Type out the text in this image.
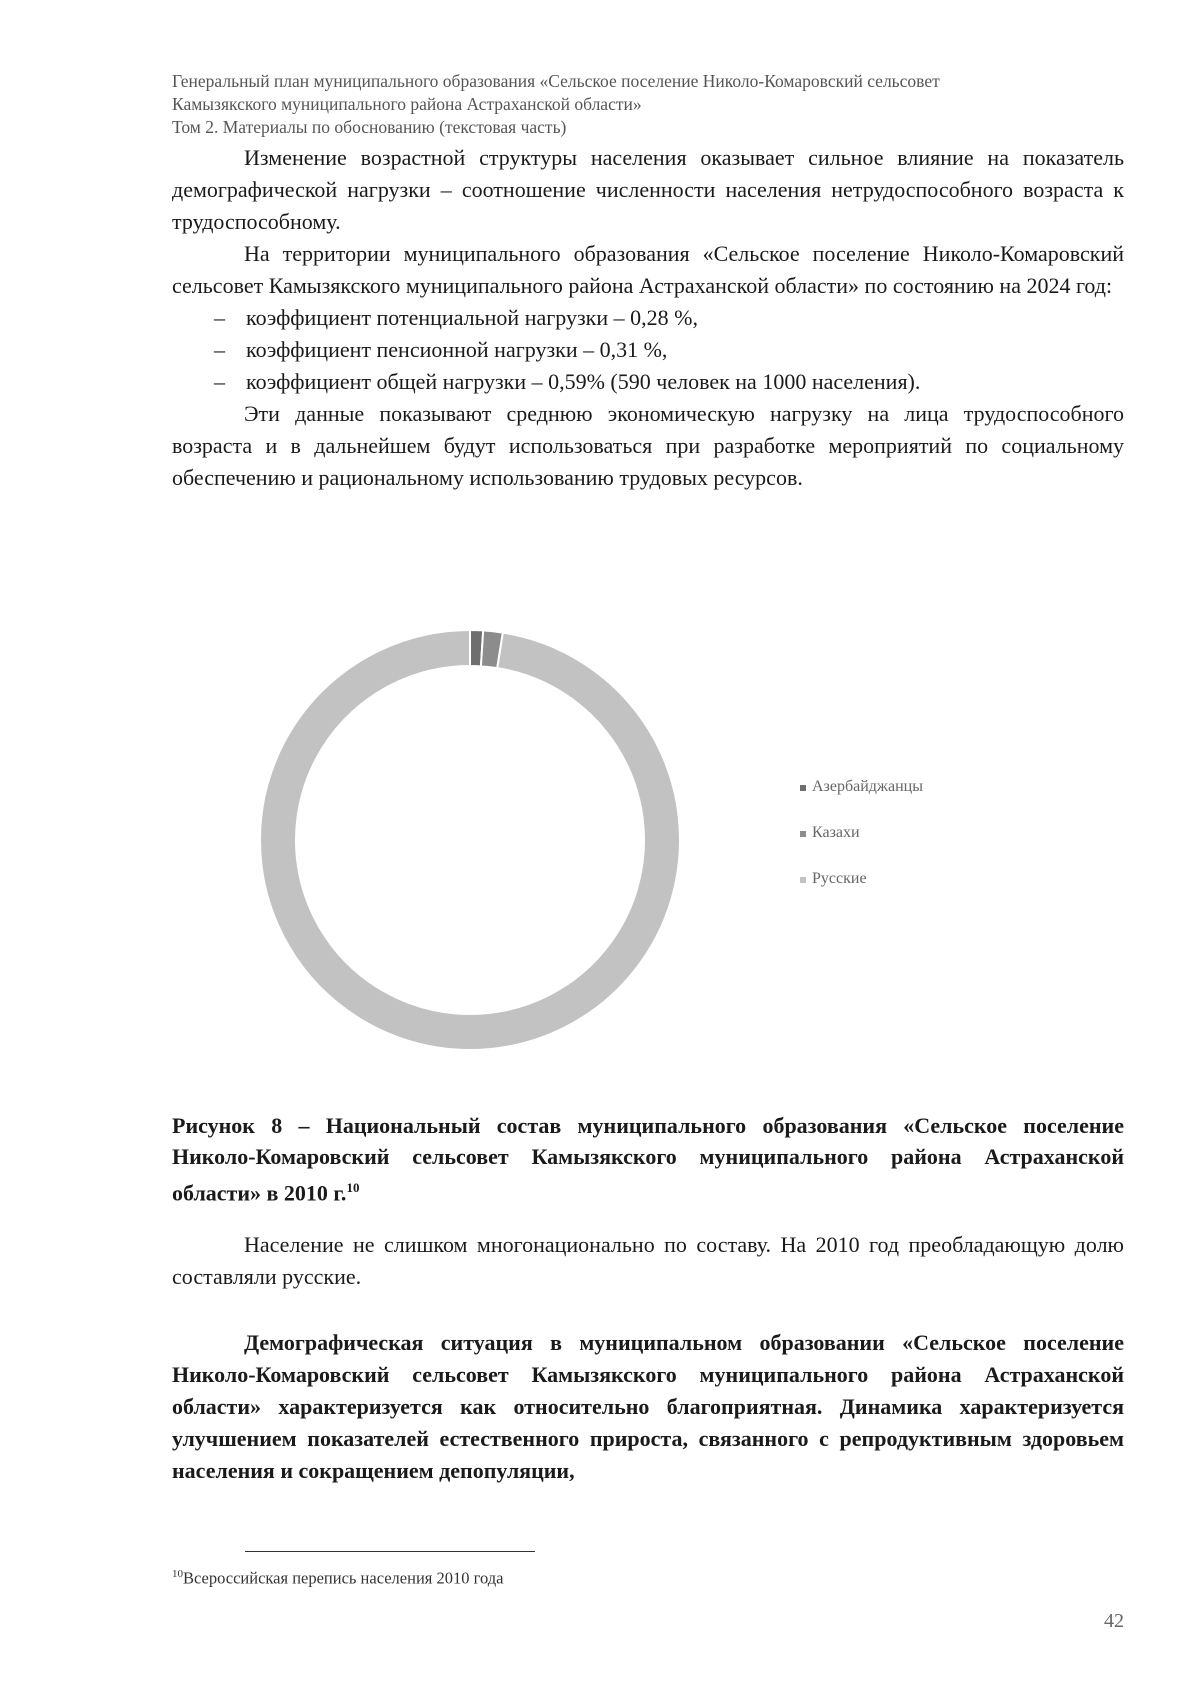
Генеральный план муниципального образования «Сельское поселение Николо-Комаровский сельсовет
Камызякского муниципального района Астраханской области»
Том 2. Материалы по обоснованию (текстовая часть)
Изменение возрастной структуры населения оказывает сильное влияние на показатель демографической нагрузки – соотношение численности населения нетрудоспособного возраста к трудоспособному.
На территории муниципального образования «Сельское поселение Николо-Комаровский сельсовет Камызякского муниципального района Астраханской области» по состоянию на 2024 год:
– коэффициент потенциальной нагрузки – 0,28 %,
– коэффициент пенсионной нагрузки – 0,31 %,
– коэффициент общей нагрузки – 0,59% (590 человек на 1000 населения).
Эти данные показывают среднюю экономическую нагрузку на лица трудоспособного возраста и в дальнейшем будут использоваться при разработке мероприятий по социальному обеспечению и рациональному использованию трудовых ресурсов.
Азербайджанцы
Казахи
Русские
Рисунок 8 – Национальный состав муниципального образования «Сельское поселение Николо-Комаровский сельсовет Камызякского муниципального района Астраханской области» в 2010 г.$^{10}$
Население не слишком многонационально по составу. На 2010 год преобладающую долю составляли русские.
Демографическая ситуация в муниципальном образовании «Сельское поселение Николо-Комаровский сельсовет Камызякского муниципального района Астраханской области» характеризуется как относительно благоприятная. Динамика характеризуется улучшением показателей естественного прироста, связанного с репродуктивным здоровьем населения и сокращением депопуляции,
$^{10}$Всероссийская перепись населения 2010 года
42
